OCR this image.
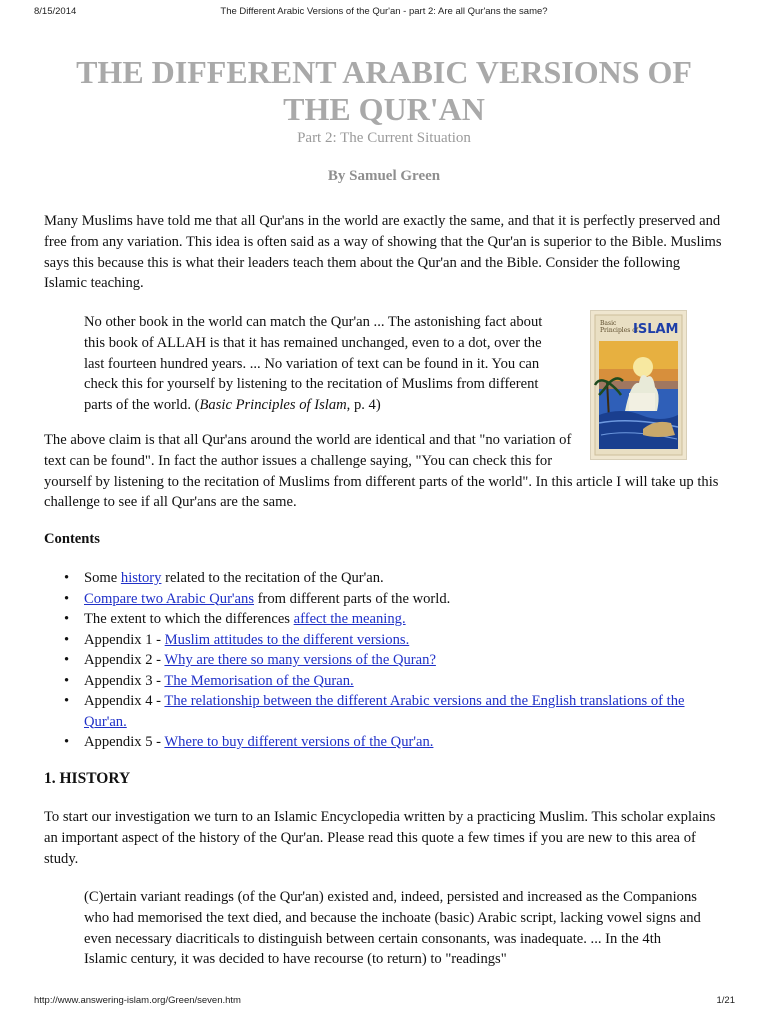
8/15/2014	The Different Arabic Versions of the Qur'an - part 2: Are all Qur'ans the same?
THE DIFFERENT ARABIC VERSIONS OF THE QUR'AN
Part 2: The Current Situation
By Samuel Green

Many Muslims have told me that all Qur'ans in the world are exactly the same, and that it is perfectly preserved and free from any variation. This idea is often said as a way of showing that the Qur'an is superior to the Bible. Muslims says this because this is what their leaders teach them about the Qur'an and the Bible. Consider the following Islamic teaching.

No other book in the world can match the Qur'an ... The astonishing fact about this book of ALLAH is that it has remained unchanged, even to a dot, over the last fourteen hundred years. ... No variation of text can be found in it. You can check this for yourself by listening to the recitation of Muslims from different parts of the world. (Basic Principles of Islam, p. 4)

Basic
Principles of
ISLAM

The above claim is that all Qur'ans around the world are identical and that "no variation of text can be found". In fact the author issues a challenge saying, "You can check this for

yourself by listening to the recitation of Muslims from different parts of the world". In this article I will take up this challenge to see if all Qur'ans are the same.

Contents
• Some history related to the recitation of the Qur'an.
• Compare two Arabic Qur'ans from different parts of the world.
• The extent to which the differences affect the meaning.
• Appendix 1 - Muslim attitudes to the different versions.
• Appendix 2 - Why are there so many versions of the Quran?
• Appendix 3 - The Memorisation of the Quran.
• Appendix 4 - The relationship between the different Arabic versions and the English translations of the Qur'an.
• Appendix 5 - Where to buy different versions of the Qur'an.
1. HISTORY

To start our investigation we turn to an Islamic Encyclopedia written by a practicing Muslim. This scholar explains an important aspect of the history of the Qur'an. Please read this quote a few times if you are new to this area of study.

(C)ertain variant readings (of the Qur'an) existed and, indeed, persisted and increased as the Companions who had memorised the text died, and because the inchoate (basic) Arabic script, lacking vowel signs and even necessary diacriticals to distinguish between certain consonants, was inadequate. ... In the 4th Islamic century, it was decided to have recourse (to return) to "readings"

http://www.answering-islam.org/Green/seven.htm	1/21
